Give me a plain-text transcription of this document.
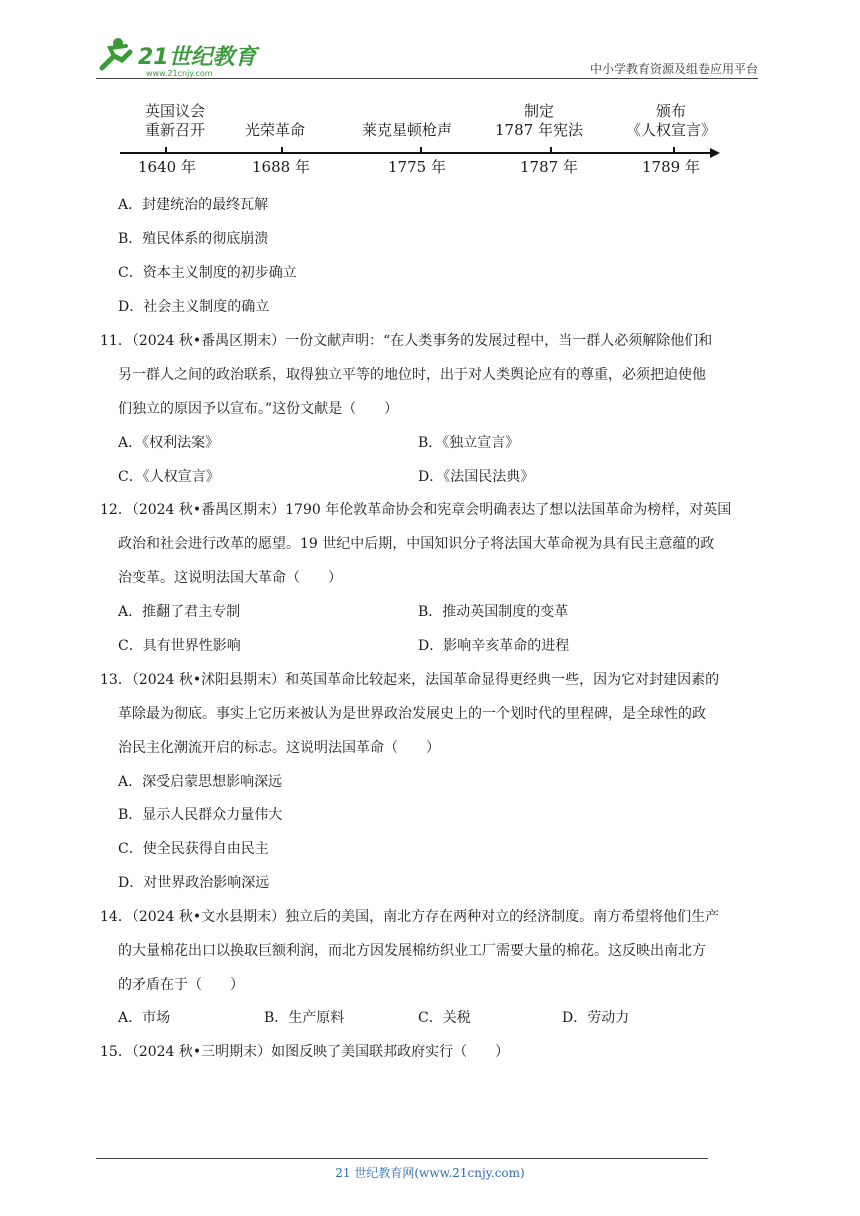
21世纪教育
www.21cnjy.com	中小学教育资源及组卷应用平台
英国议会
重新召开
	光荣革命
	莱克星顿枪声
制定
1787 年宪法
颁布
《人权宣言》
1640 年	1688 年	1775 年	1787 年	1789 年
A．封建统治的最终瓦解
B．殖民体系的彻底崩溃
C．资本主义制度的初步确立
D．社会主义制度的确立
11．（2024 秋•番禺区期末）一份文献声明：“在人类事务的发展过程中，当一群人必须解除他们和
另一群人之间的政治联系，取得独立平等的地位时，出于对人类舆论应有的尊重，必须把迫使他
们独立的原因予以宣布。”这份文献是（　　）
A．《权利法案》	B．《独立宣言》
C．《人权宣言》	D．《法国民法典》
12．（2024 秋•番禺区期末）1790 年伦敦革命协会和宪章会明确表达了想以法国革命为榜样，对英国
政治和社会进行改革的愿望。19 世纪中后期，中国知识分子将法国大革命视为具有民主意蕴的政
治变革。这说明法国大革命（　　）
A．推翻了君主专制	B．推动英国制度的变革
C．具有世界性影响	D．影响辛亥革命的进程
13．（2024 秋•沭阳县期末）和英国革命比较起来，法国革命显得更经典一些，因为它对封建因素的
革除最为彻底。事实上它历来被认为是世界政治发展史上的一个划时代的里程碑，是全球性的政
治民主化潮流开启的标志。这说明法国革命（　　）
A．深受启蒙思想影响深远
B．显示人民群众力量伟大
C．使全民获得自由民主
D．对世界政治影响深远
14．（2024 秋•文水县期末）独立后的美国，南北方存在两种对立的经济制度。南方希望将他们生产
的大量棉花出口以换取巨额利润，而北方因发展棉纺织业工厂需要大量的棉花。这反映出南北方
的矛盾在于（　　）
A．市场	B．生产原料	C．关税	D．劳动力
15．（2024 秋•三明期末）如图反映了美国联邦政府实行（　　）
21 世纪教育网(www.21cnjy.com)
